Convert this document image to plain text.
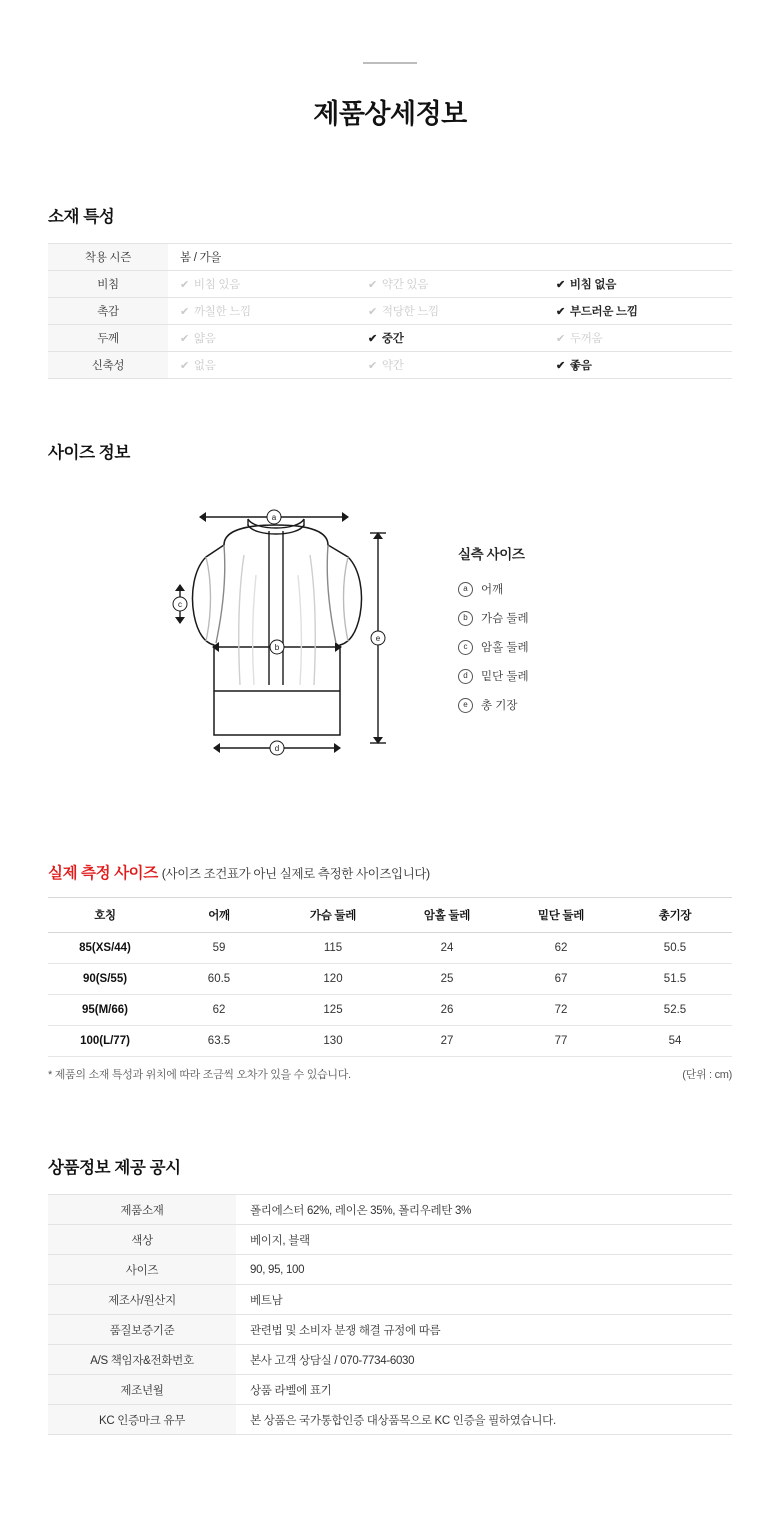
제품상세정보
소재 특성
착용 시즌	봄 / 가을		
비침	✔ 비침 있음	✔ 약간 있음	✔ 비침 없음
촉감	✔ 까칠한 느낌	✔ 적당한 느낌	✔ 부드러운 느낌
두께	✔ 얇음	✔ 중간	✔ 두꺼움
신축성	✔ 없음	✔ 약간	✔ 좋음
사이즈 정보
a
b
c
d
e
실측 사이즈
a	어깨
b	가슴 둘레
c	암홀 둘레
d	밑단 둘레
e	총 기장
실제 측정 사이즈 (사이즈 조건표가 아닌 실제로 측정한 사이즈입니다)
호칭	어깨	가슴 둘레	암홀 둘레	밑단 둘레	총기장
85(XS/44)	59	115	24	62	50.5
90(S/55)	60.5	120	25	67	51.5
95(M/66)	62	125	26	72	52.5
100(L/77)	63.5	130	27	77	54
* 제품의 소재 특성과 위치에 따라 조금씩 오차가 있을 수 있습니다.	(단위 : cm)
상품정보 제공 공시
제품소재	폴리에스터 62%, 레이온 35%, 폴리우레탄 3%
색상	베이지, 블랙
사이즈	90, 95, 100
제조사/원산지	베트남
품질보증기준	관련법 및 소비자 분쟁 해결 규정에 따름
A/S 책임자&전화번호	본사 고객 상담실 / 070-7734-6030
제조년월	상품 라벨에 표기
KC 인증마크 유무	본 상품은 국가통합인증 대상품목으로 KC 인증을 필하였습니다.
